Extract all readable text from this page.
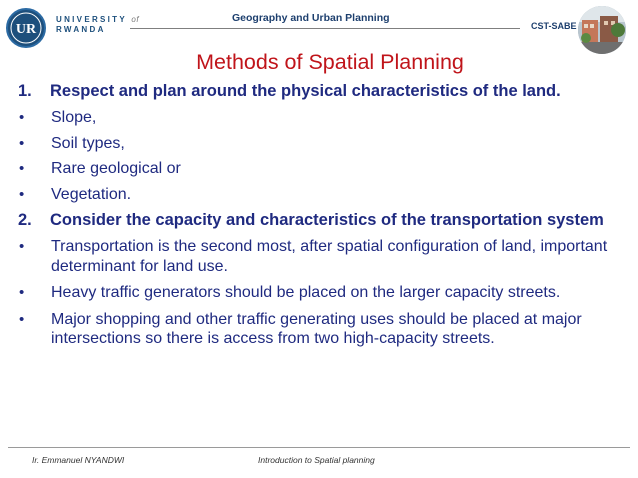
UR
UNIVERSITY of
RWANDA
Geography and Urban Planning
CST-SABE
Methods of Spatial Planning
1.	Respect and plan around the physical characteristics of the land.
•	Slope,
•	Soil types,
•	Rare geological or
•	Vegetation.
2.	Consider the capacity and characteristics of the transportation system
•	Transportation is the second most, after spatial configuration of land, important determinant for land use.
•	Heavy traffic generators should be placed on the larger capacity streets.
•	Major shopping and other traffic generating uses should be placed at major intersections so there is access from two high-capacity streets.
Ir. Emmanuel NYANDWI	Introduction to Spatial planning
